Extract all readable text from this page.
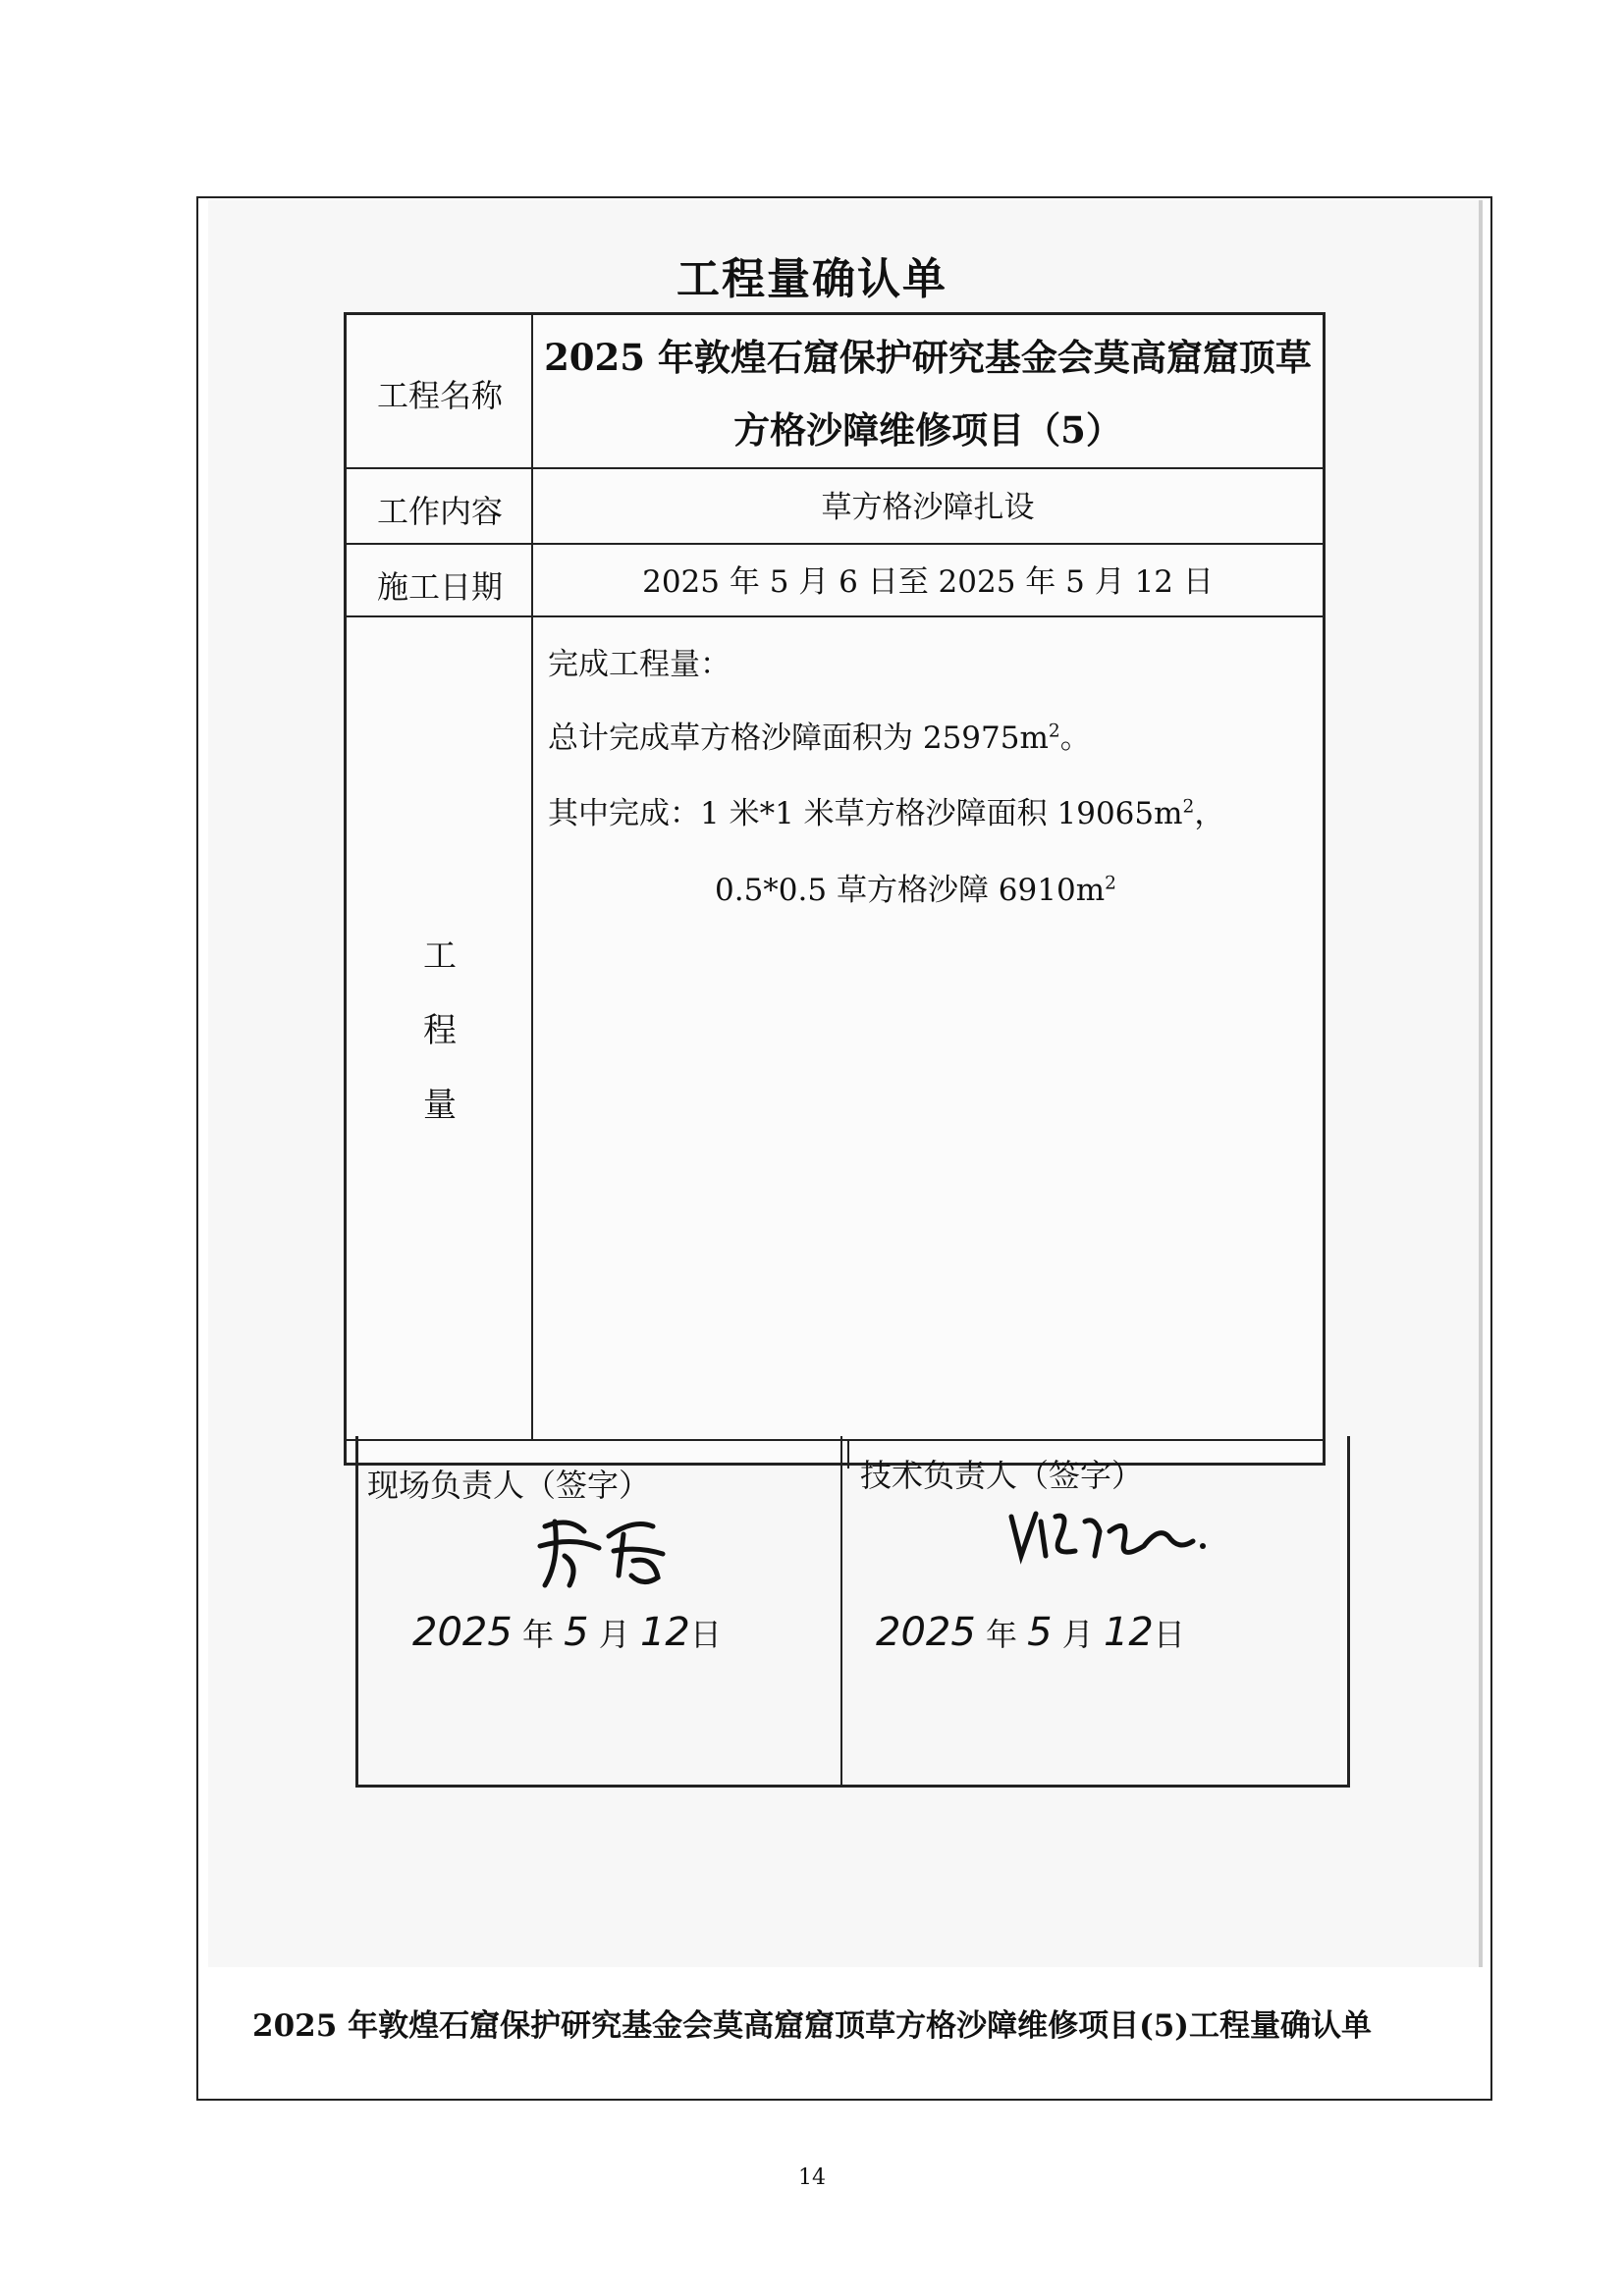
工程量确认单
工程名称
2025 年敦煌石窟保护研究基金会莫高窟窟顶草
方格沙障维修项目（5）
工作内容	草方格沙障扎设
施工日期	2025 年 5 月 6 日至 2025 年 5 月 12 日
完成工程量：
总计完成草方格沙障面积为 $25975m^2$。
其中完成：1 米*1 米草方格沙障面积 $19065m^2$，
0.5*0.5 草方格沙障 $6910m^2$
工
程
量
现场负责人（签字）
2025 年 5 月 12日
技术负责人（签字）
2025 年 5 月 12日
2025 年敦煌石窟保护研究基金会莫高窟窟顶草方格沙障维修项目(5)工程量确认单
14
